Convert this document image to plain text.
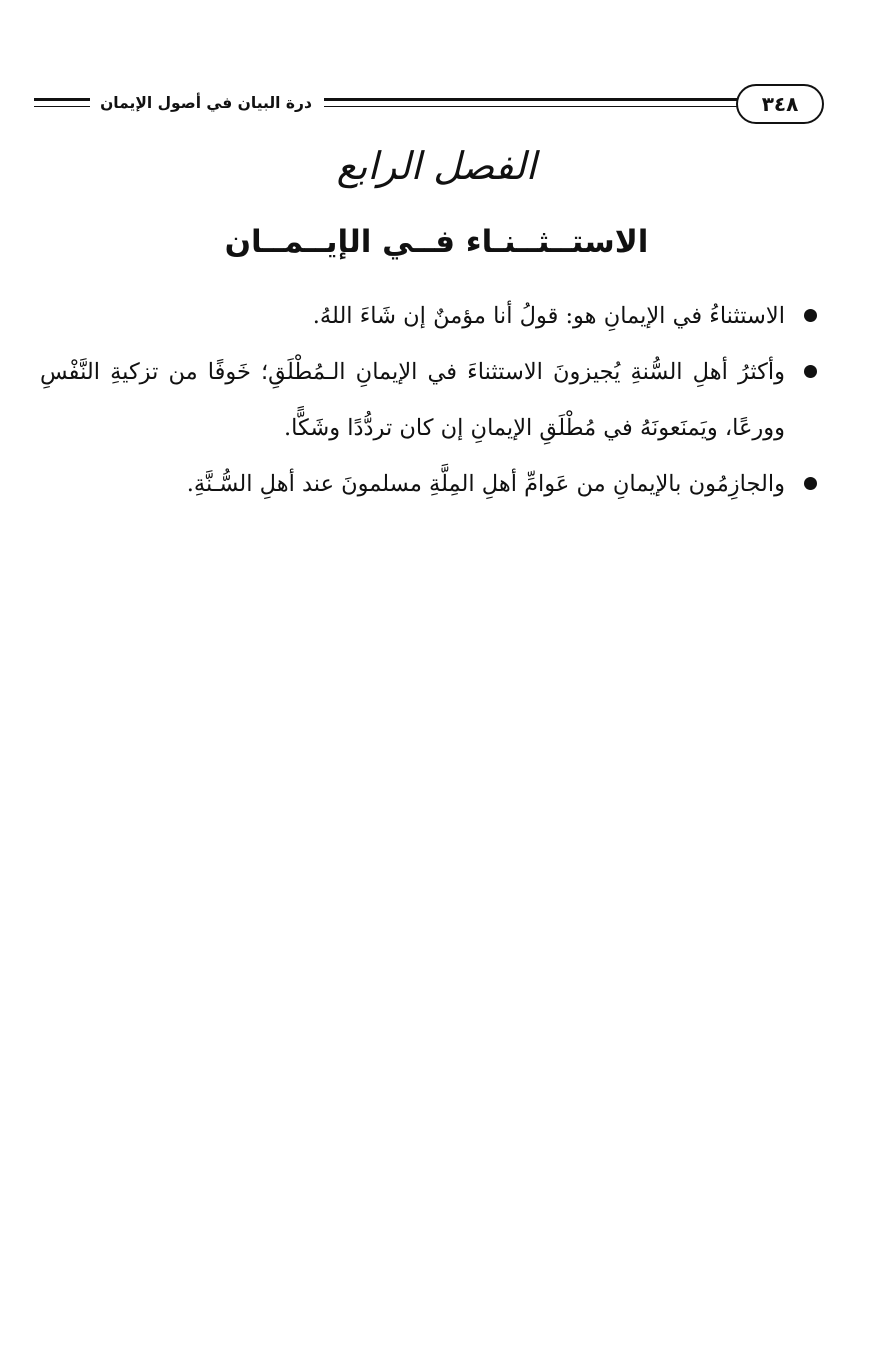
٣٤٨
درة البيان في أصول الإيمان
الفصل الرابع
الاستــثــنـاء فــي الإيــمــان
الاستثناءُ في الإيمانِ هو: قولُ أنا مؤمنٌ إن شَاءَ اللهُ.
وأكثرُ أهلِ السُّنةِ يُجيزونَ الاستثناءَ في الإيمانِ الـمُطْلَقِ؛ خَوفًا من تزكيةِ النَّفْسِ وورعًا، ويَمنَعونَهُ في مُطْلَقِ الإيمانِ إن كان تردُّدًا وشَكًّا.
والجازِمُون بالإيمانِ من عَوامِّ أهلِ المِلَّةِ مسلمونَ عند أهلِ السُّـنَّةِ.
